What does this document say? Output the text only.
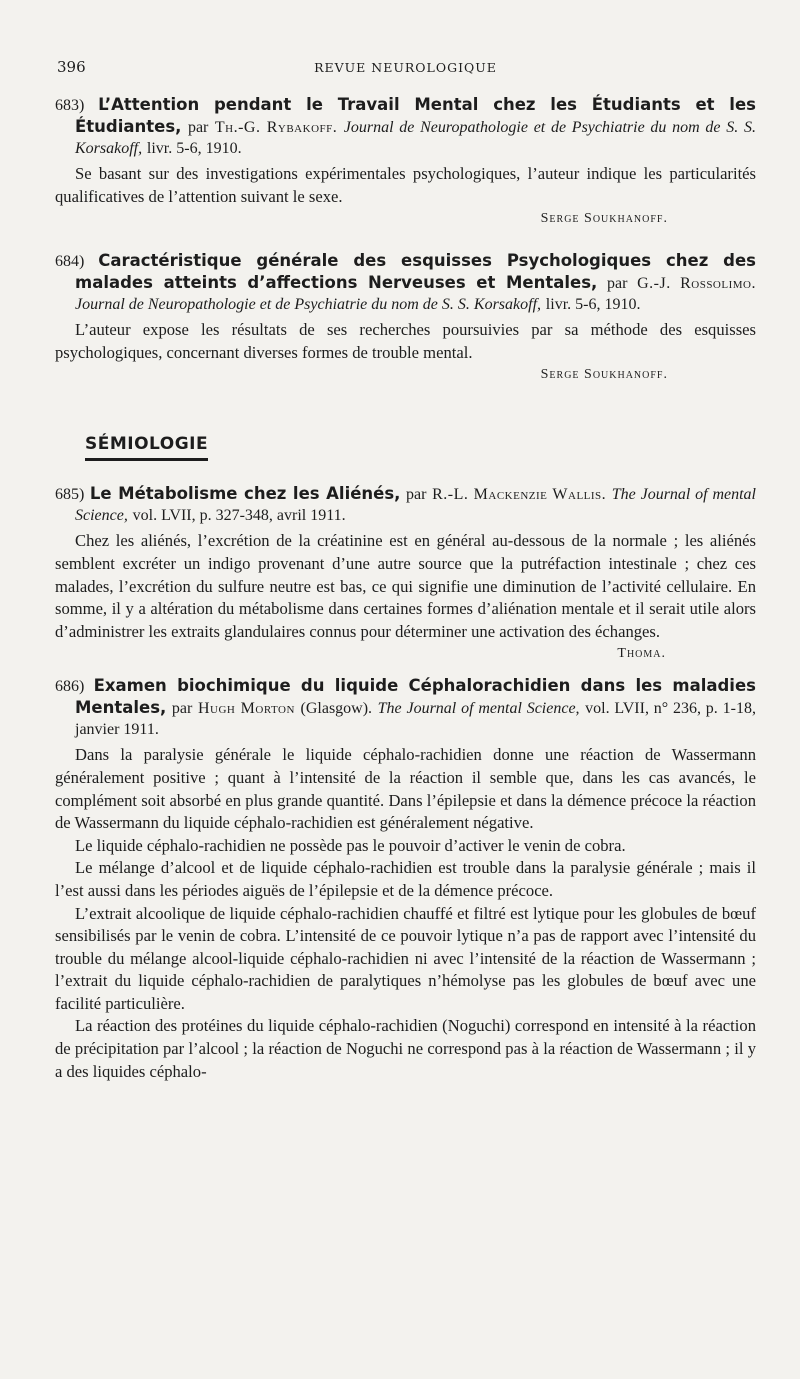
396	REVUE NEUROLOGIQUE
683) L’Attention pendant le Travail Mental chez les Étudiants et les Étudiantes, par Th.-G. Rybakoff. Journal de Neuropathologie et de Psychiatrie du nom de S. S. Korsakoff, livr. 5-6, 1910.

Se basant sur des investigations expérimentales psychologiques, l’auteur indique les particularités qualificatives de l’attention suivant le sexe.

Serge Soukhanoff.
684) Caractéristique générale des esquisses Psychologiques chez des malades atteints d’affections Nerveuses et Mentales, par G.-J. Rossolimo. Journal de Neuropathologie et de Psychiatrie du nom de S. S. Korsakoff, livr. 5-6, 1910.

L’auteur expose les résultats de ses recherches poursuivies par sa méthode des esquisses psychologiques, concernant diverses formes de trouble mental.

Serge Soukhanoff.
SÉMIOLOGIE
685) Le Métabolisme chez les Aliénés, par R.-L. Mackenzie Wallis. The Journal of mental Science, vol. LVII, p. 327-348, avril 1911.

Chez les aliénés, l’excrétion de la créatinine est en général au-dessous de la normale ; les aliénés semblent excréter un indigo provenant d’une autre source que la putréfaction intestinale ; chez ces malades, l’excrétion du sulfure neutre est bas, ce qui signifie une diminution de l’activité cellulaire. En somme, il y a altération du métabolisme dans certaines formes d’aliénation mentale et il serait utile alors d’administrer les extraits glandulaires connus pour déterminer une activation des échanges.
Thoma.

686) Examen biochimique du liquide Céphalorachidien dans les maladies Mentales, par Hugh Morton (Glasgow). The Journal of mental Science, vol. LVII, n° 236, p. 1-18, janvier 1911.

Dans la paralysie générale le liquide céphalo-rachidien donne une réaction de Wassermann généralement positive ; quant à l’intensité de la réaction il semble que, dans les cas avancés, le complément soit absorbé en plus grande quantité. Dans l’épilepsie et dans la démence précoce la réaction de Wassermann du liquide céphalo-rachidien est généralement négative.

Le liquide céphalo-rachidien ne possède pas le pouvoir d’activer le venin de cobra.

Le mélange d’alcool et de liquide céphalo-rachidien est trouble dans la paralysie générale ; mais il l’est aussi dans les périodes aiguës de l’épilepsie et de la démence précoce.

L’extrait alcoolique de liquide céphalo-rachidien chauffé et filtré est lytique pour les globules de bœuf sensibilisés par le venin de cobra. L’intensité de ce pouvoir lytique n’a pas de rapport avec l’intensité du trouble du mélange alcool-liquide céphalo-rachidien ni avec l’intensité de la réaction de Wassermann ; l’extrait du liquide céphalo-rachidien de paralytiques n’hémolyse pas les globules de bœuf avec une facilité particulière.

La réaction des protéines du liquide céphalo-rachidien (Noguchi) correspond en intensité à la réaction de précipitation par l’alcool ; la réaction de Noguchi ne correspond pas à la réaction de Wassermann ; il y a des liquides céphalo-
